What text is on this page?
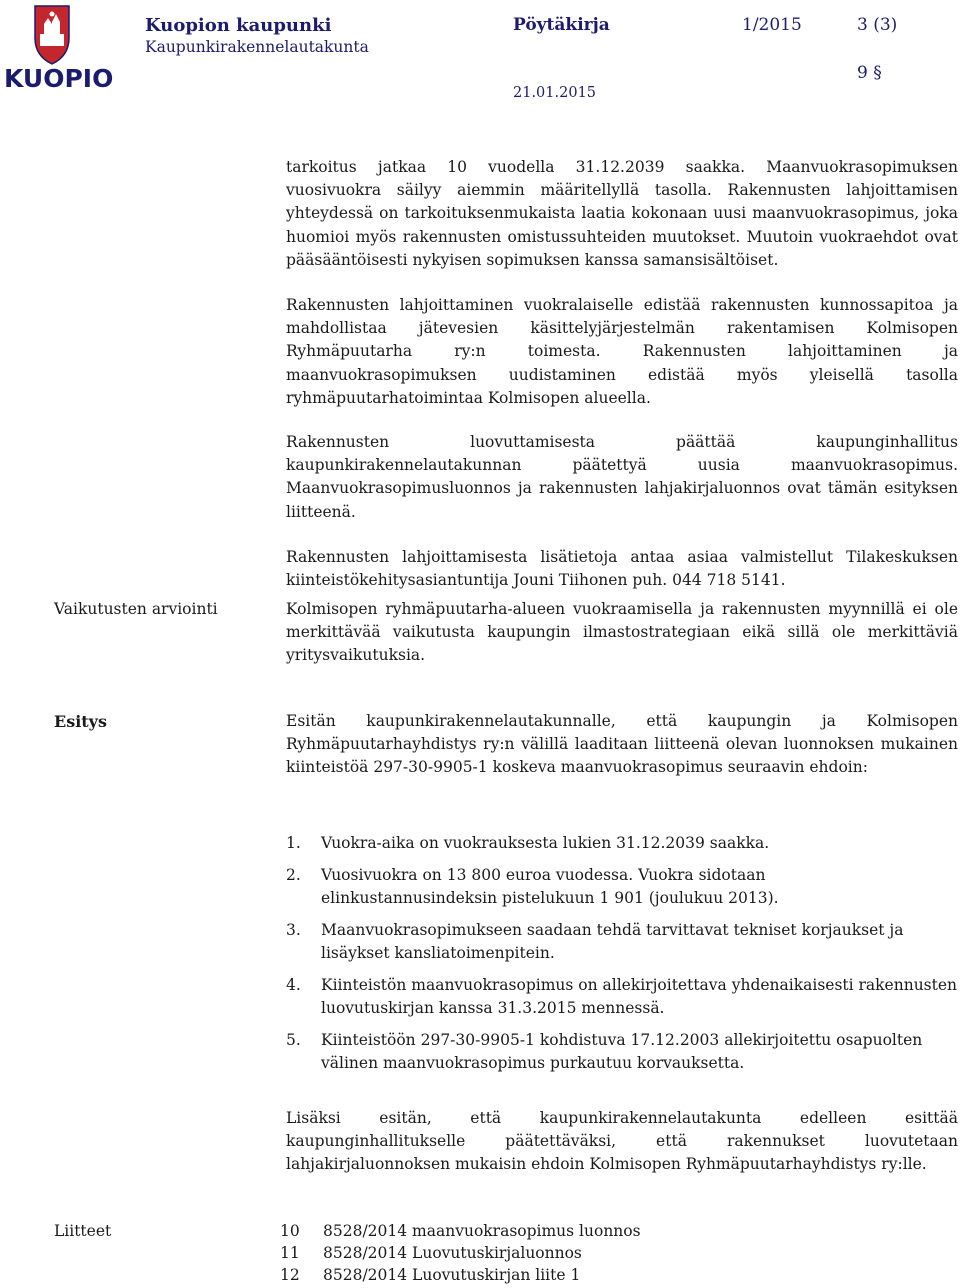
KUOPIO
Kuopion kaupunki
Kaupunkirakennelautakunta
Pöytäkirja	1/2015	3 (3)
9 §
21.01.2015

tarkoitus jatkaa 10 vuodella 31.12.2039 saakka. Maanvuokrasopimuksen vuosivuokra säilyy aiemmin määritellyllä tasolla. Rakennusten lahjoittamisen yhteydessä on tarkoituksenmukaista laatia kokonaan uusi maanvuokrasopimus, joka huomioi myös rakennusten omistussuhteiden muutokset. Muutoin vuokraehdot ovat pääsääntöisesti nykyisen sopimuksen kanssa samansisältöiset.

Rakennusten lahjoittaminen vuokralaiselle edistää rakennusten kunnossapitoa ja mahdollistaa jätevesien käsittelyjärjestelmän rakentamisen Kolmisopen Ryhmäpuutarha ry:n toimesta. Rakennusten lahjoittaminen ja maanvuokrasopimuksen uudistaminen edistää myös yleisellä tasolla ryhmäpuutarhatoimintaa Kolmisopen alueella.

Rakennusten luovuttamisesta päättää kaupunginhallitus kaupunkirakennelautakunnan päätettyä uusia maanvuokrasopimus. Maanvuokrasopimusluonnos ja rakennusten lahjakirjaluonnos ovat tämän esityksen liitteenä.

Rakennusten lahjoittamisesta lisätietoja antaa asiaa valmistellut Tilakeskuksen kiinteistökehitysasiantuntija Jouni Tiihonen puh. 044 718 5141.

Vaikutusten arviointi	Kolmisopen ryhmäpuutarha-alueen vuokraamisella ja rakennusten myynnillä ei ole merkittävää vaikutusta kaupungin ilmastostrategiaan eikä sillä ole merkittäviä yritysvaikutuksia.

Esitys	Esitän kaupunkirakennelautakunnalle, että kaupungin ja Kolmisopen Ryhmäpuutarhayhdistys ry:n välillä laaditaan liitteenä olevan luonnoksen mukainen kiinteistöä 297-30-9905-1 koskeva maanvuokrasopimus seuraavin ehdoin:

1. Vuokra-aika on vuokrauksesta lukien 31.12.2039 saakka.
2. Vuosivuokra on 13 800 euroa vuodessa. Vuokra sidotaan elinkustannusindeksin pistelukuun 1 901 (joulukuu 2013).
3. Maanvuokrasopimukseen saadaan tehdä tarvittavat tekniset korjaukset ja lisäykset kansliatoimenpitein.
4. Kiinteistön maanvuokrasopimus on allekirjoitettava yhdenaikaisesti rakennusten luovutuskirjan kanssa 31.3.2015 mennessä.
5. Kiinteistöön 297-30-9905-1 kohdistuva 17.12.2003 allekirjoitettu osapuolten välinen maanvuokrasopimus purkautuu korvauksetta.

Lisäksi esitän, että kaupunkirakennelautakunta edelleen esittää kaupunginhallitukselle päätettäväksi, että rakennukset luovutetaan lahjakirjaluonnoksen mukaisin ehdoin Kolmisopen Ryhmäpuutarhayhdistys ry:lle.

Liitteet	10 8528/2014 maanvuokrasopimus luonnos
11 8528/2014 Luovutuskirjaluonnos
12 8528/2014 Luovutuskirjan liite 1
